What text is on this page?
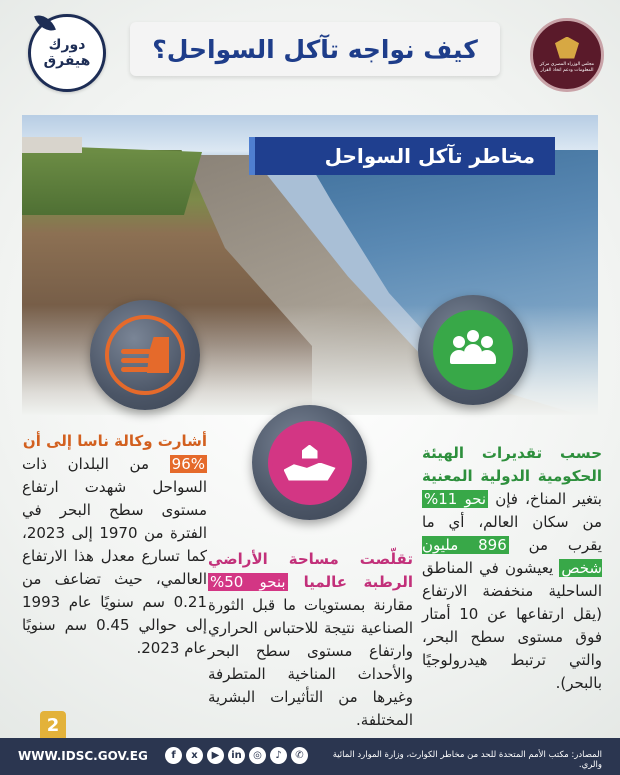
دورك
هيفرق كيف نواجه تآكل السواحل؟
مجلس الوزراء المصري مركز المعلومات ودعم اتخاذ القرار
مخاطر تآكل السواحل
أشارت وكالة ناسا إلى أن
96% من البلدان ذات السواحل شهدت ارتفاع مستوى سطح البحر في الفترة من 1970 إلى 2023، كما تسارع معدل هذا الارتفاع العالمي، حيث تضاعف من 0.21 سم سنويًا عام 1993 إلى حوالي 0.45 سم سنويًا عام 2023.
تقلّصت مساحة الأراضي الرطبة عالميا بنحو 50% مقارنة بمستويات ما قبل الثورة الصناعية نتيجة للاحتباس الحراري وارتفاع مستوى سطح البحر والأحداث المناخية المتطرفة وغيرها من التأثيرات البشرية المختلفة.
حسب تقديرات الهيئة الحكومية الدولية المعنية بتغير المناخ، فإن نحو 11% من سكان العالم، أي ما يقرب من 896 مليون شخص يعيشون في المناطق الساحلية منخفضة الارتفاع (يقل ارتفاعها عن 10 أمتار فوق مستوى سطح البحر، والتي ترتبط هيدرولوجيًا بالبحر).
2
WWW.IDSC.GOV.EG	f	x	▶	in	◎	♪	✆	المصادر: مكتب الأمم المتحدة للحد من مخاطر الكوارث، وزارة الموارد المائية والري.
